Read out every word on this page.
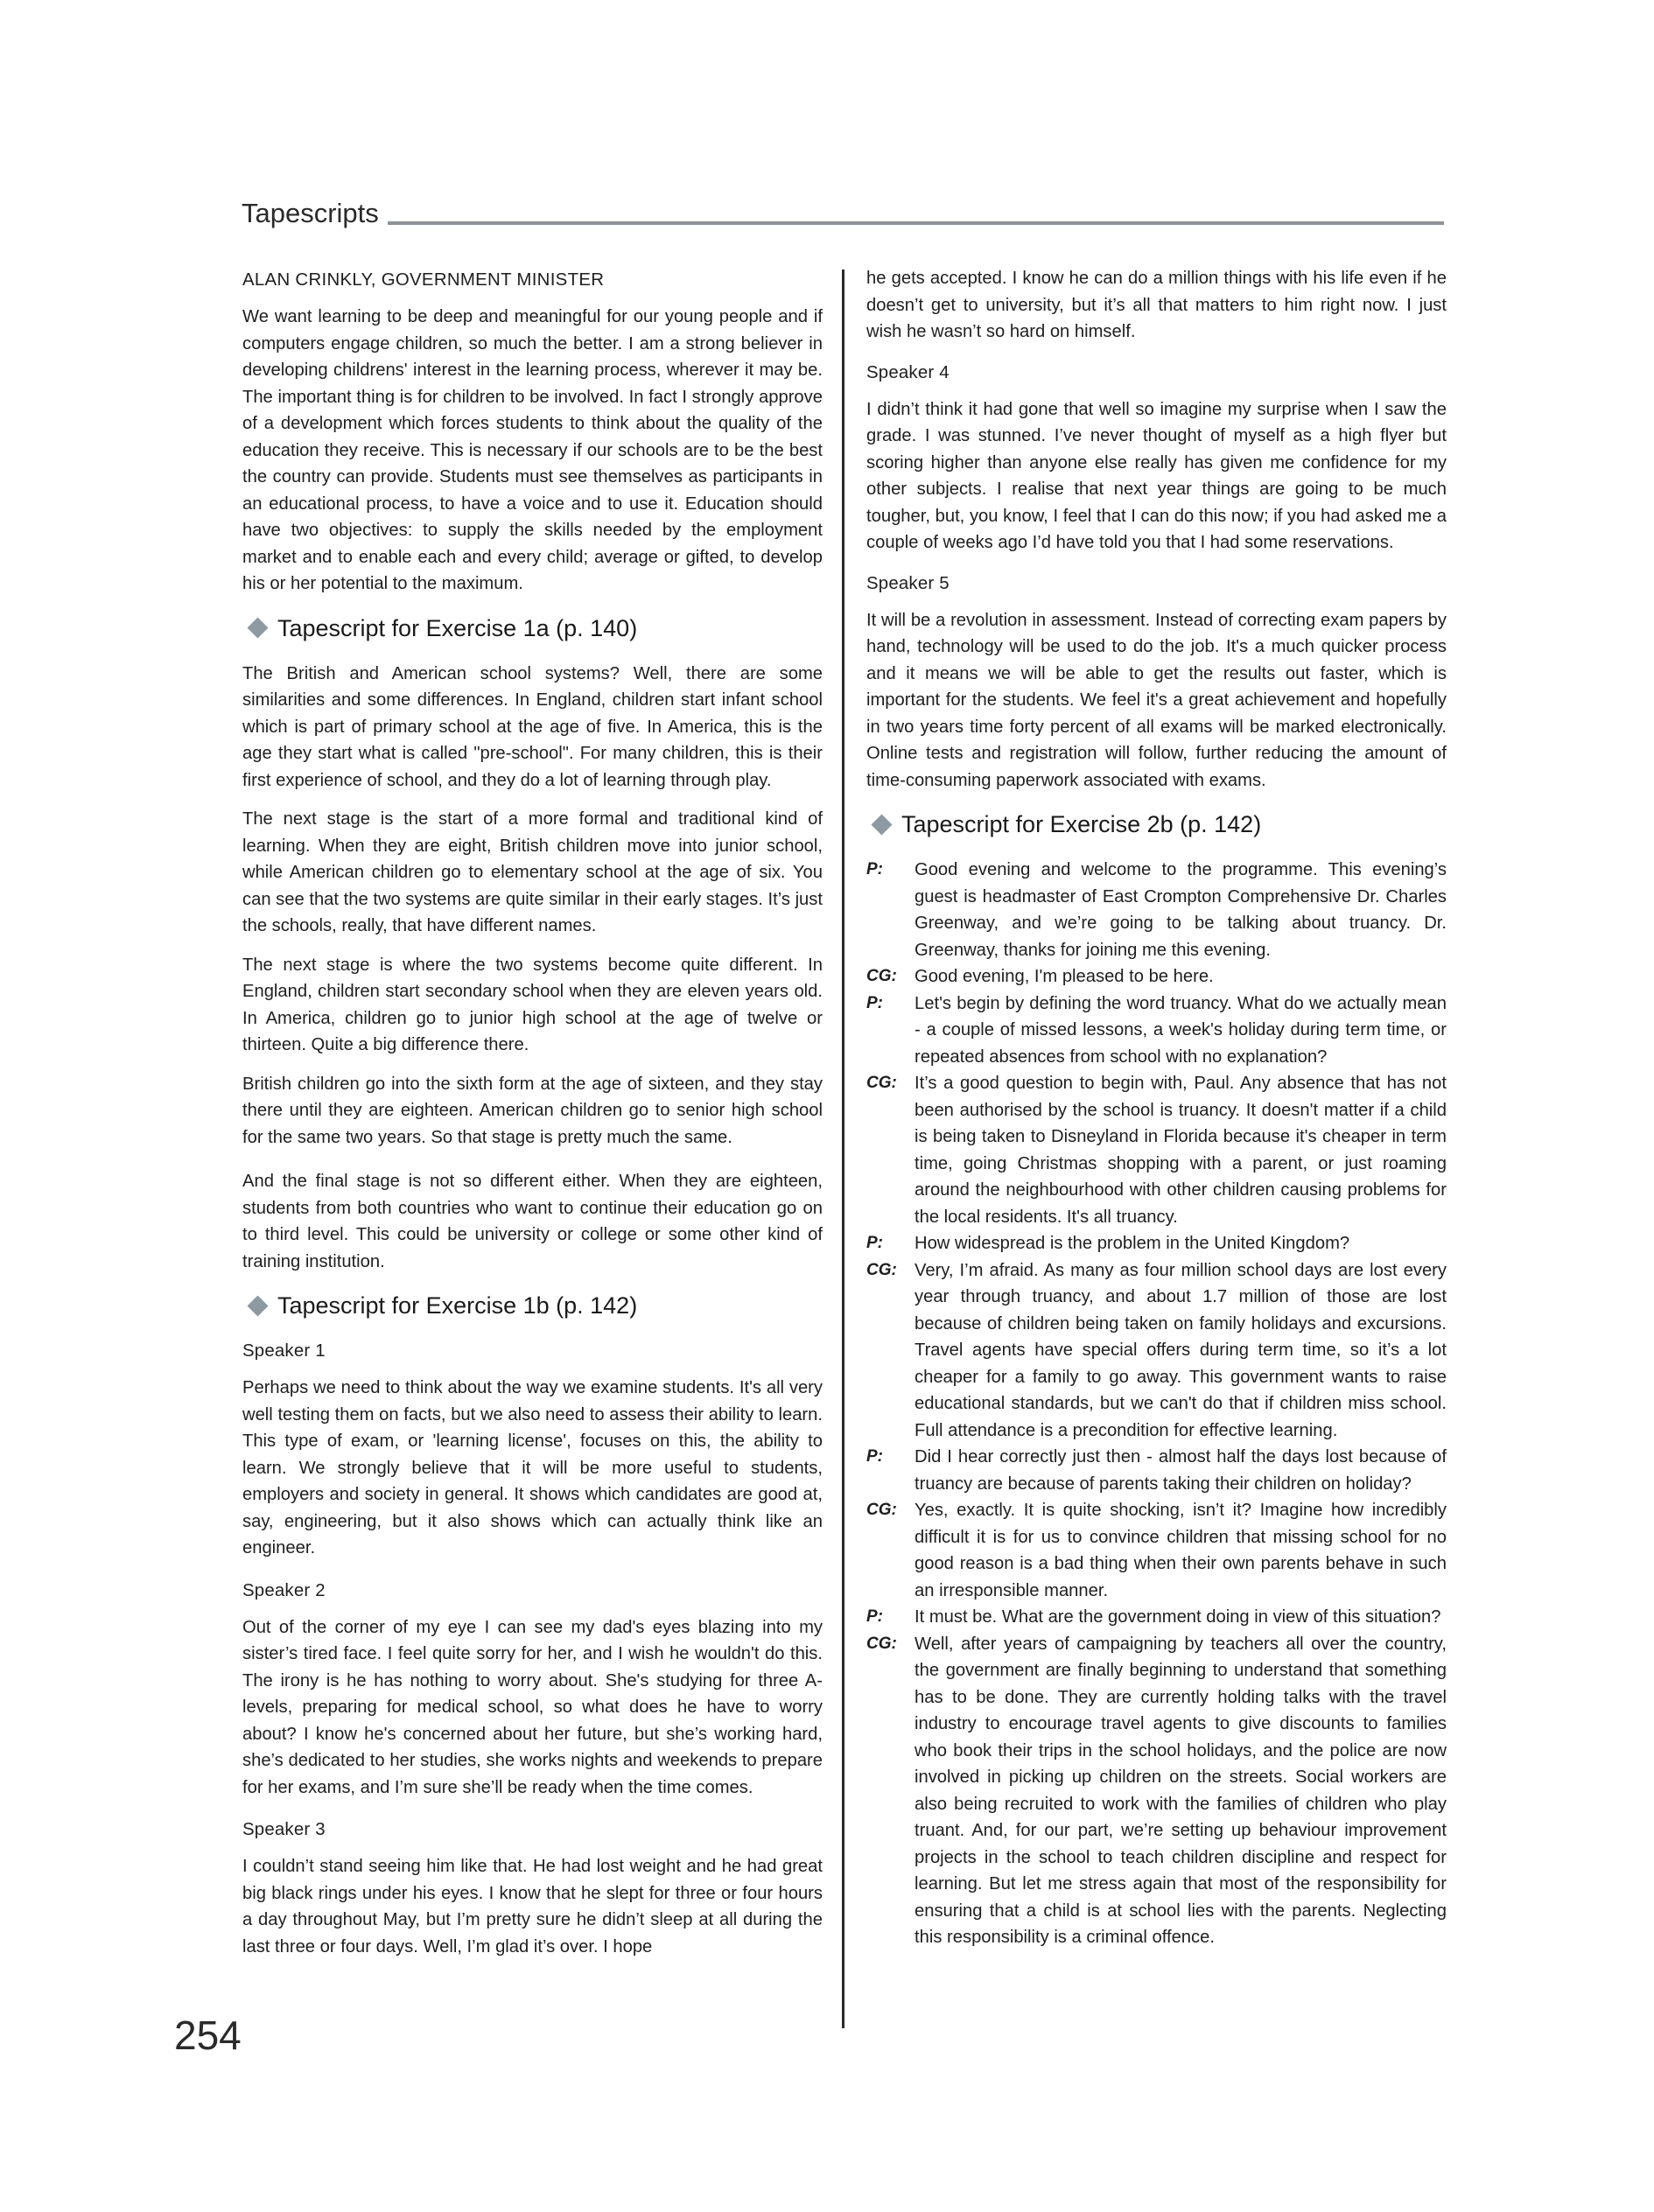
Tapescripts
ALAN CRINKLY, GOVERNMENT MINISTER

We want learning to be deep and meaningful for our young people and if computers engage children, so much the better. I am a strong believer in developing childrens' interest in the learning process, wherever it may be. The important thing is for children to be involved. In fact I strongly approve of a development which forces students to think about the quality of the education they receive. This is necessary if our schools are to be the best the country can provide. Students must see themselves as participants in an educational process, to have a voice and to use it. Education should have two objectives: to supply the skills needed by the employment market and to enable each and every child; average or gifted, to develop his or her potential to the maximum.

Tapescript for Exercise 1a (p. 140)

The British and American school systems? Well, there are some similarities and some differences. In England, children start infant school which is part of primary school at the age of five. In America, this is the age they start what is called "pre-school". For many children, this is their first experience of school, and they do a lot of learning through play.

The next stage is the start of a more formal and traditional kind of learning. When they are eight, British children move into junior school, while American children go to elementary school at the age of six. You can see that the two systems are quite similar in their early stages. It’s just the schools, really, that have different names.

The next stage is where the two systems become quite different. In England, children start secondary school when they are eleven years old. In America, children go to junior high school at the age of twelve or thirteen. Quite a big difference there.

British children go into the sixth form at the age of sixteen, and they stay there until they are eighteen. American children go to senior high school for the same two years. So that stage is pretty much the same.

And the final stage is not so different either. When they are eighteen, students from both countries who want to continue their education go on to third level. This could be university or college or some other kind of training institution.

Tapescript for Exercise 1b (p. 142)
Speaker 1

Perhaps we need to think about the way we examine students. It's all very well testing them on facts, but we also need to assess their ability to learn. This type of exam, or 'learning license', focuses on this, the ability to learn. We strongly believe that it will be more useful to students, employers and society in general. It shows which candidates are good at, say, engineering, but it also shows which can actually think like an engineer.

Speaker 2

Out of the corner of my eye I can see my dad's eyes blazing into my sister’s tired face. I feel quite sorry for her, and I wish he wouldn't do this. The irony is he has nothing to worry about. She's studying for three A-levels, preparing for medical school, so what does he have to worry about? I know he's concerned about her future, but she’s working hard, she’s dedicated to her studies, she works nights and weekends to prepare for her exams, and I’m sure she’ll be ready when the time comes.

Speaker 3

I couldn’t stand seeing him like that. He had lost weight and he had great big black rings under his eyes. I know that he slept for three or four hours a day throughout May, but I’m pretty sure he didn’t sleep at all during the last three or four days. Well, I’m glad it’s over. I hope

he gets accepted. I know he can do a million things with his life even if he doesn’t get to university, but it’s all that matters to him right now. I just wish he wasn’t so hard on himself.

Speaker 4

I didn’t think it had gone that well so imagine my surprise when I saw the grade. I was stunned. I’ve never thought of myself as a high flyer but scoring higher than anyone else really has given me confidence for my other subjects. I realise that next year things are going to be much tougher, but, you know, I feel that I can do this now; if you had asked me a couple of weeks ago I’d have told you that I had some reservations.

Speaker 5

It will be a revolution in assessment. Instead of correcting exam papers by hand, technology will be used to do the job. It's a much quicker process and it means we will be able to get the results out faster, which is important for the students. We feel it's a great achievement and hopefully in two years time forty percent of all exams will be marked electronically. Online tests and registration will follow, further reducing the amount of time-consuming paperwork associated with exams.

Tapescript for Exercise 2b (p. 142)
P:	Good evening and welcome to the programme. This evening’s guest is headmaster of East Crompton Comprehensive Dr. Charles Greenway, and we’re going to be talking about truancy. Dr. Greenway, thanks for joining me this evening.
CG: Good evening, I'm pleased to be here.
P:	Let's begin by defining the word truancy. What do we actually mean - a couple of missed lessons, a week's holiday during term time, or repeated absences from school with no explanation?
CG: It’s a good question to begin with, Paul. Any absence that has not been authorised by the school is truancy. It doesn't matter if a child is being taken to Disneyland in Florida because it's cheaper in term time, going Christmas shopping with a parent, or just roaming around the neighbourhood with other children causing problems for the local residents. It's all truancy.
P:	How widespread is the problem in the United Kingdom?
CG: Very, I’m afraid. As many as four million school days are lost every year through truancy, and about 1.7 million of those are lost because of children being taken on family holidays and excursions. Travel agents have special offers during term time, so it’s a lot cheaper for a family to go away. This government wants to raise educational standards, but we can't do that if children miss school. Full attendance is a precondition for effective learning.
P:	Did I hear correctly just then - almost half the days lost because of truancy are because of parents taking their children on holiday?
CG: Yes, exactly. It is quite shocking, isn’t it? Imagine how incredibly difficult it is for us to convince children that missing school for no good reason is a bad thing when their own parents behave in such an irresponsible manner.
P:	It must be. What are the government doing in view of this situation?
CG: Well, after years of campaigning by teachers all over the country, the government are finally beginning to understand that something has to be done. They are currently holding talks with the travel industry to encourage travel agents to give discounts to families who book their trips in the school holidays, and the police are now involved in picking up children on the streets. Social workers are also being recruited to work with the families of children who play truant. And, for our part, we’re setting up behaviour improvement projects in the school to teach children discipline and respect for learning. But let me stress again that most of the responsibility for ensuring that a child is at school lies with the parents. Neglecting this responsibility is a criminal offence.
254
